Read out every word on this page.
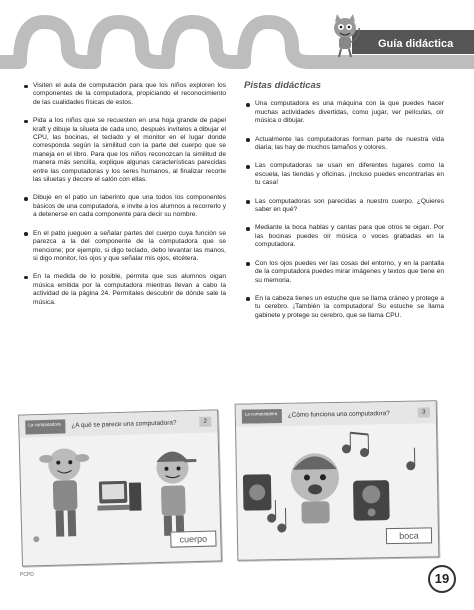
Guía didáctica
Visiten el aula de computación para que los niños exploren los componentes de la computadora, propiciando el reconocimiento de las cualidades físicas de estos.
Pida a los niños que se recuesten en una hoja grande de papel kraft y dibuje la silueta de cada uno, después invítelos a dibujar el CPU, las bocinas, el teclado y el monitor en el lugar donde corresponda según la similitud con la parte del cuerpo que se maneja en el libro. Para que los niños reconozcan la similitud de manera más sencilla, explique algunas características parecidas entre las computadoras y los seres humanos, al finalizar recorte las siluetas y decore el salón con ellas.
Dibuje en el patio un laberinto que una todos los componentes básicos de una computadora, e invite a los alumnos a recorrerlo y a detenerse en cada componente para decir su nombre.
En el patio jueguen a señalar partes del cuerpo cuya función se parezca a la del componente de la computadora que se mencione; por ejemplo, si digo teclado, debo levantar las manos, si digo monitor, los ojos y que señalar mis ojos, etcétera.
En la medida de lo posible, permita que sus alumnos oigan música emitida por la computadora mientras llevan a cabo la actividad de la página 24. Permítales descubrir de dónde sale la música.
Pistas didácticas
Una computadora es una máquina con la que puedes hacer muchas actividades divertidas, como jugar, ver películas, oír música o dibujar.
Actualmente las computadoras forman parte de nuestra vida diaria; las hay de muchos tamaños y colores.
Las computadoras se usan en diferentes lugares como la escuela, las tiendas y oficinas. ¡Incluso puedes encontrarlas en tu casa!
Las computadoras son parecidas a nuestro cuerpo. ¿Quieres saber en qué?
Mediante la boca hablas y cantas para que otros te oigan. Por las bocinas puedes oír música o voces grabadas en la computadora.
Con los ojos puedes ver las cosas del entorno, y en la pantalla de la computadora puedes mirar imágenes y textos que tiene en su memoria.
En la cabeza tienes un estuche que se llama cráneo y protege a tu cerebro. ¡También la computadora! Su estuche se llama gabinete y protege su cerebro, que se llama CPU.
La computadora	¿A qué se parece una computadora?	2
cuerpo
La computadora	¿Cómo funciona una computadora?	3
boca
PCPD	19
